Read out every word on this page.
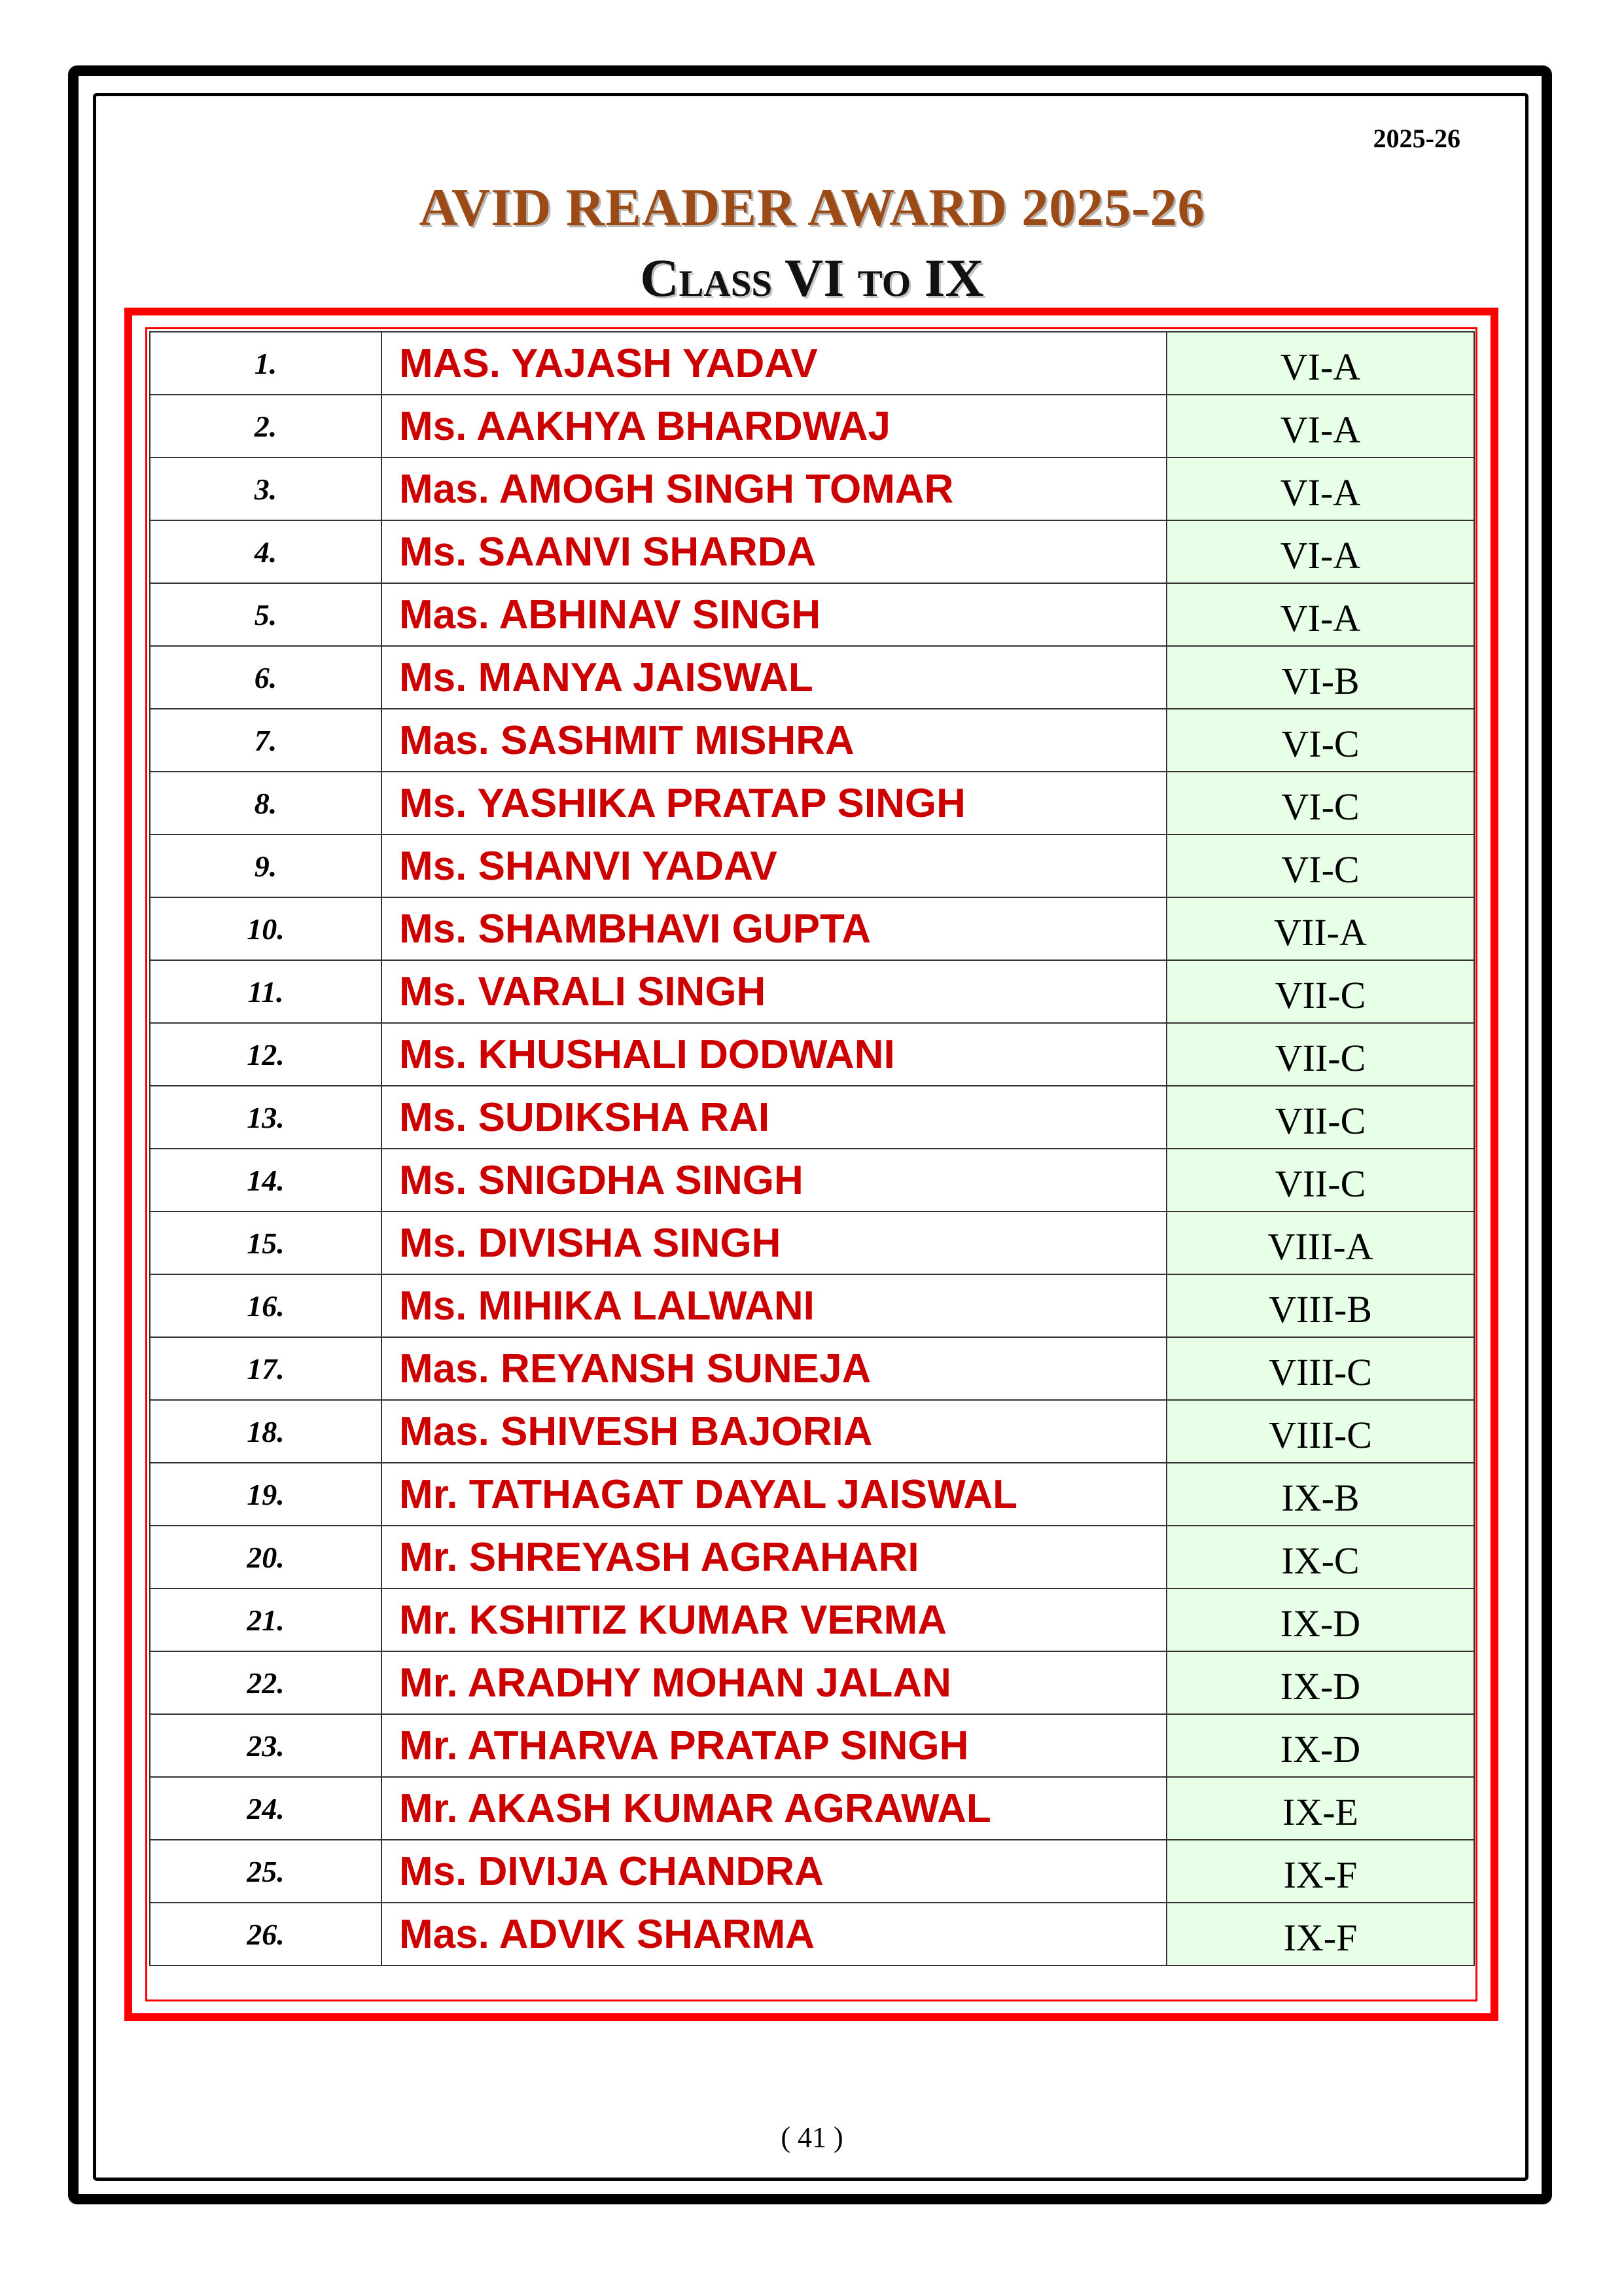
2025-26
AVID READER AWARD 2025-26
Class VI to IX
1.	MAS. YAJASH YADAV	VI-A
2.	Ms. AAKHYA BHARDWAJ	VI-A
3.	Mas. AMOGH SINGH TOMAR	VI-A
4.	Ms. SAANVI SHARDA	VI-A
5.	Mas. ABHINAV SINGH	VI-A
6.	Ms. MANYA JAISWAL	VI-B
7.	Mas. SASHMIT MISHRA	VI-C
8.	Ms. YASHIKA PRATAP SINGH	VI-C
9.	Ms. SHANVI YADAV	VI-C
10.	Ms. SHAMBHAVI GUPTA	VII-A
11.	Ms. VARALI SINGH	VII-C
12.	Ms. KHUSHALI DODWANI	VII-C
13.	Ms. SUDIKSHA RAI	VII-C
14.	Ms. SNIGDHA SINGH	VII-C
15.	Ms. DIVISHA SINGH	VIII-A
16.	Ms. MIHIKA LALWANI	VIII-B
17.	Mas. REYANSH SUNEJA	VIII-C
18.	Mas. SHIVESH BAJORIA	VIII-C
19.	Mr. TATHAGAT DAYAL JAISWAL	IX-B
20.	Mr. SHREYASH AGRAHARI	IX-C
21.	Mr. KSHITIZ KUMAR VERMA	IX-D
22.	Mr. ARADHY MOHAN JALAN	IX-D
23.	Mr. ATHARVA PRATAP SINGH	IX-D
24.	Mr. AKASH KUMAR AGRAWAL	IX-E
25.	Ms. DIVIJA CHANDRA	IX-F
26.	Mas. ADVIK SHARMA	IX-F
( 41 )
